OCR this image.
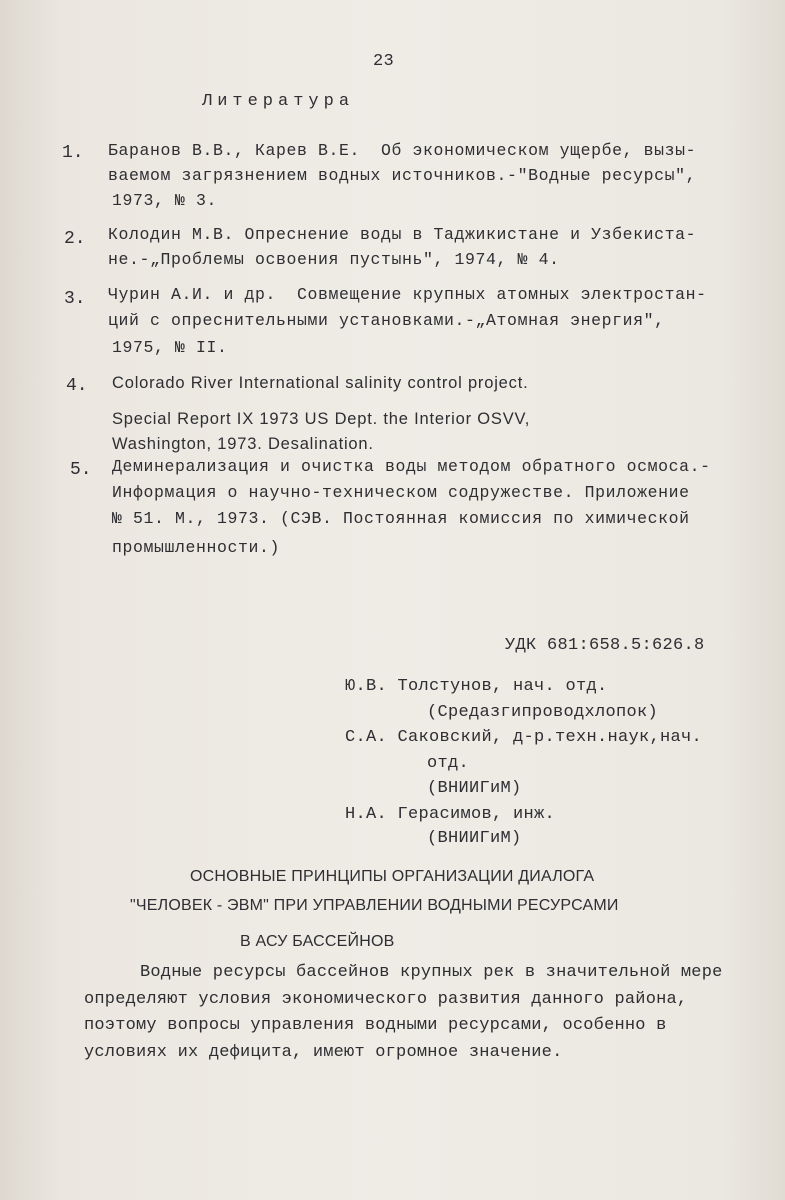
23
Литература
1. Баранов В.В., Карев В.Е.  Об экономическом ущербе, вызы-
ваемом загрязнением водных источников.-"Водные ресурсы",
1973, № 3.
2. Колодин М.В. Опреснение воды в Таджикистане и Узбекиста-
не.-„Проблемы освоения пустынь", 1974, № 4.
3. Чурин А.И. и др.  Совмещение крупных атомных электростан-
ций с опреснительными установками.-„Атомная энергия",
1975, № II.
4. Colorado River International salinity control project.
Special Report IX 1973 US Dept. the Interior OSVV,
Washington, 1973. Desalination.
5. Деминерализация и очистка воды методом обратного осмоса.-
Информация о научно-техническом содружестве. Приложение
№ 51. М., 1973. (СЭВ. Постоянная комиссия по химической
промышленности.)
УДК 681:658.5:626.8
Ю.В. Толстунов, нач. отд.
(Средазгипроводхлопок)
С.А. Саковский, д-р.техн.наук,нач.
отд.
(ВНИИГиМ)
Н.А. Герасимов, инж.
(ВНИИГиМ)
ОСНОВНЫЕ ПРИНЦИПЫ ОРГАНИЗАЦИИ ДИАЛОГА
"ЧЕЛОВЕК - ЭВМ" ПРИ УПРАВЛЕНИИ ВОДНЫМИ РЕСУРСАМИ
В АСУ БАССЕЙНОВ
Водные ресурсы бассейнов крупных рек в значительной мере
определяют условия экономического развития данного района,
поэтому вопросы управления водными ресурсами, особенно в
условиях их дефицита, имеют огромное значение.
